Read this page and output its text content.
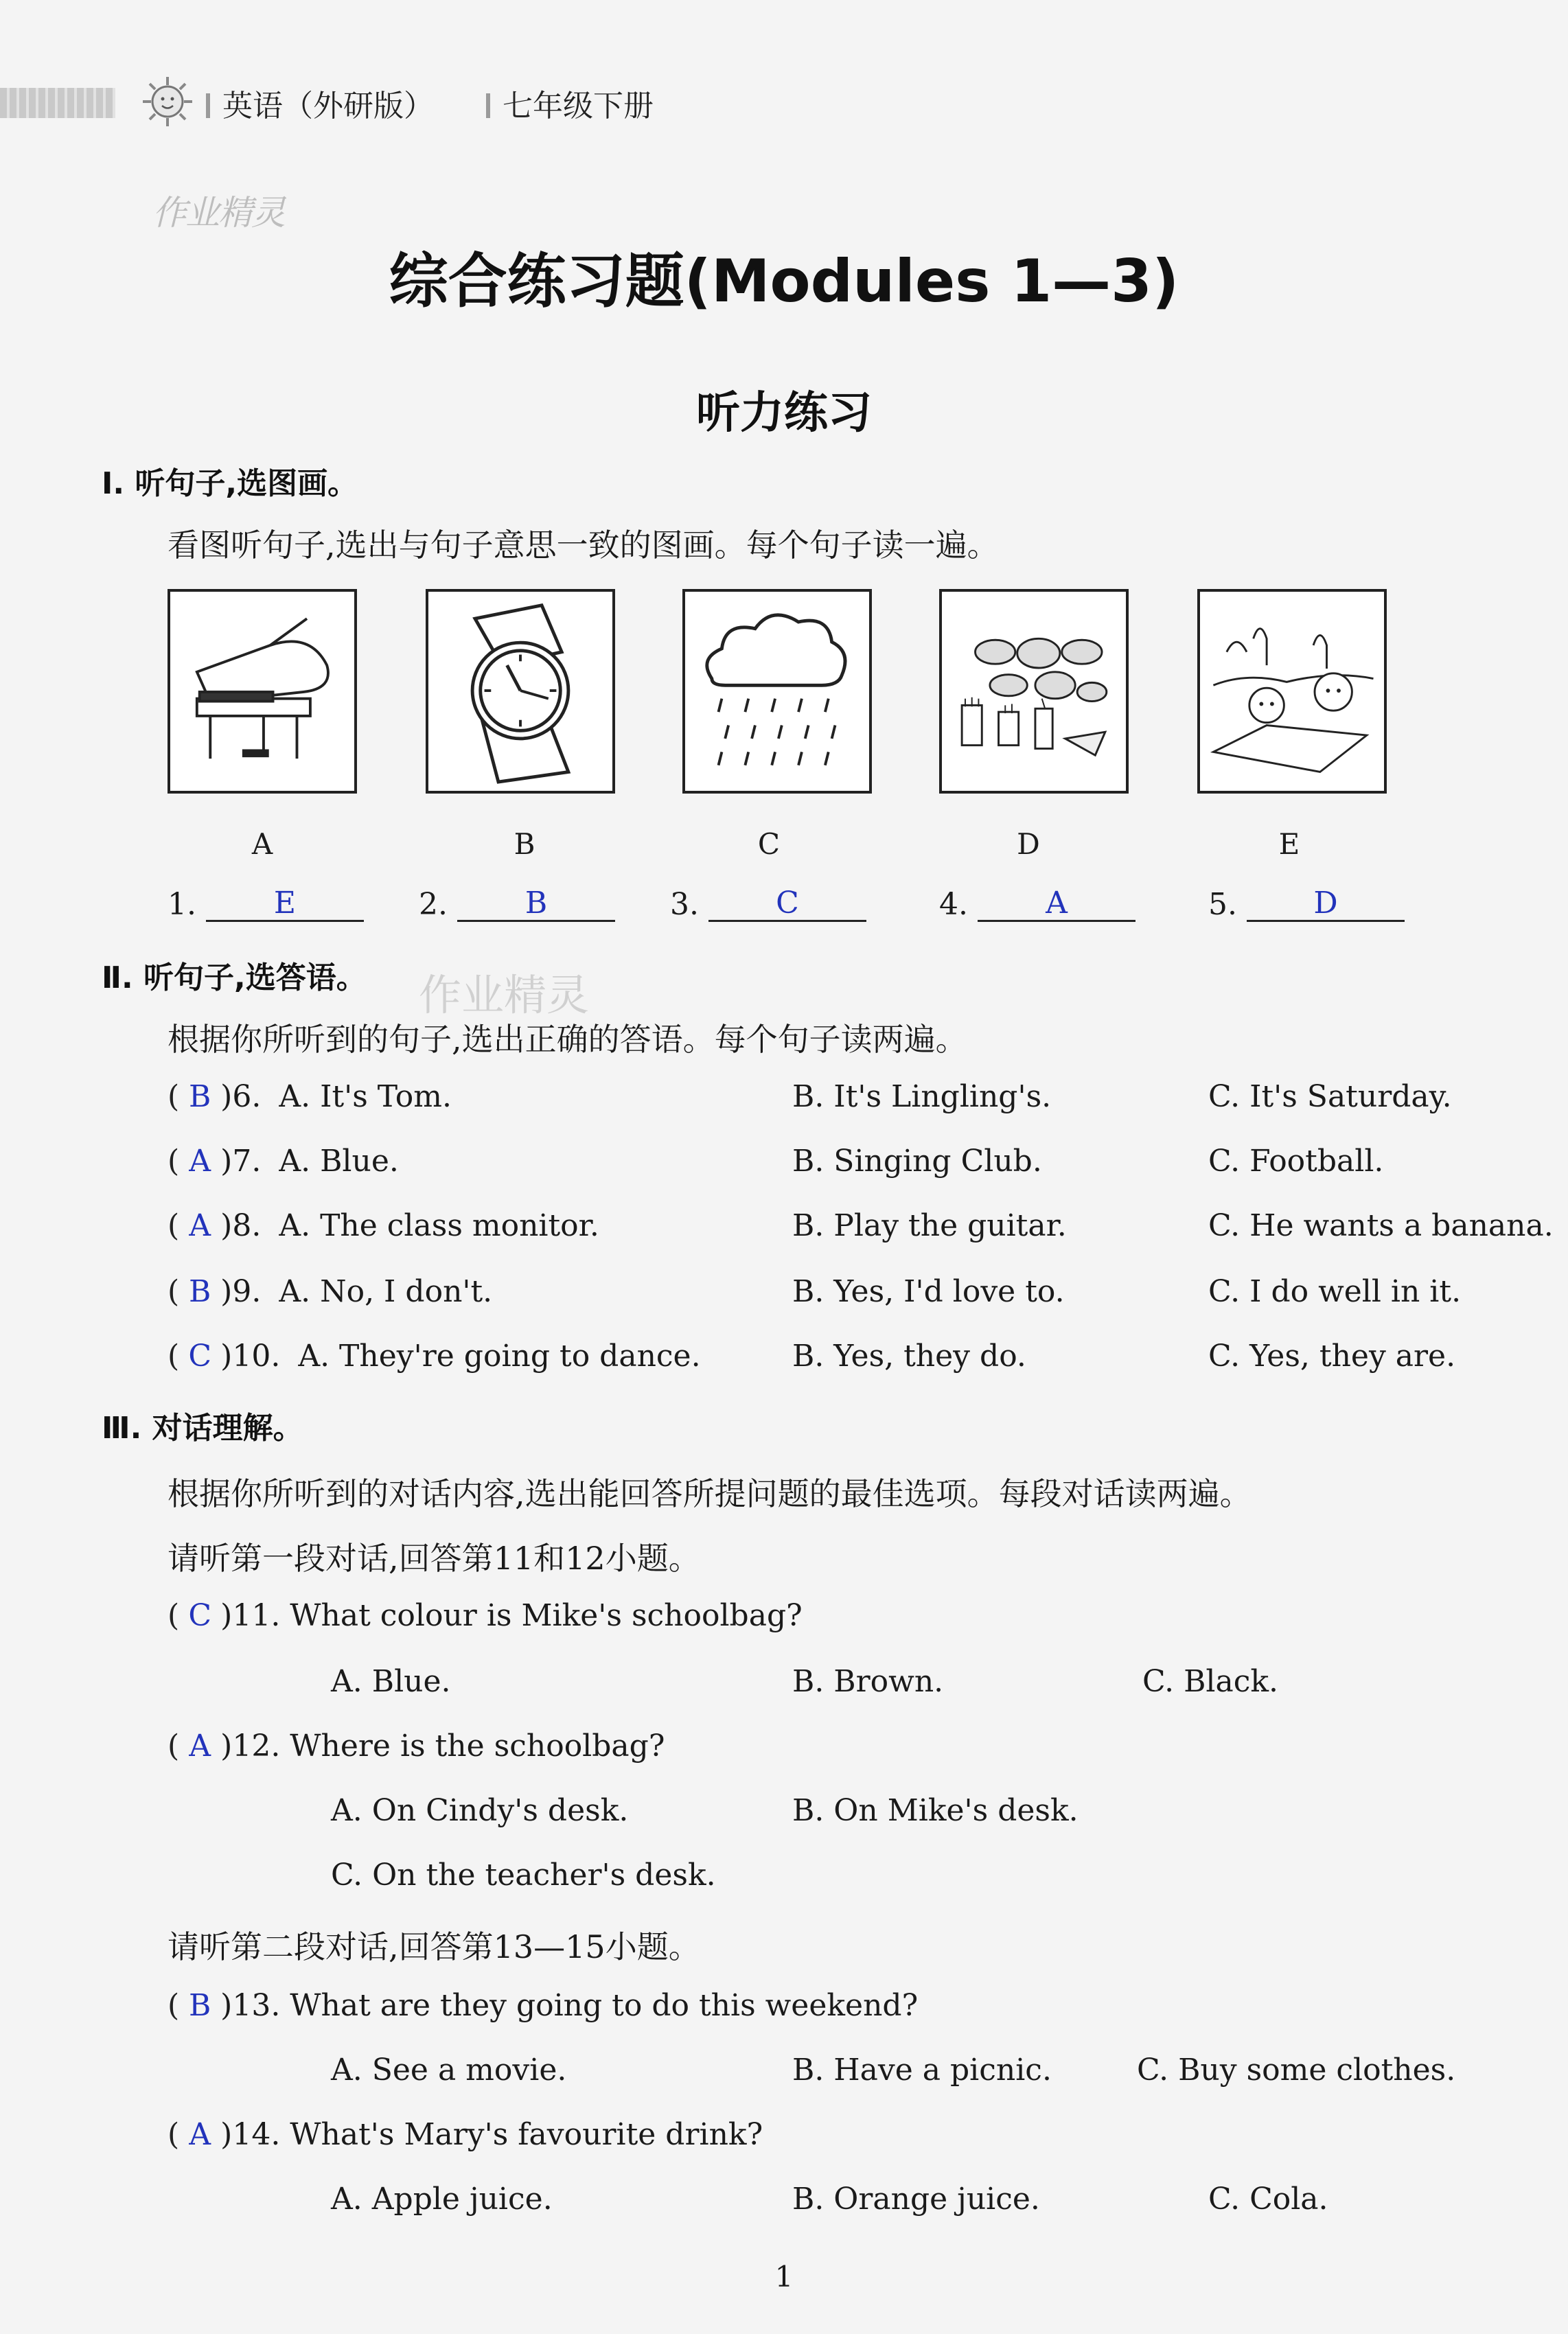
英语（外研版） 七年级下册
作业精灵
综合练习题(Modules 1—3)
听力练习
Ⅰ. 听句子,选图画。
看图听句子,选出与句子意思一致的图画。每个句子读一遍。
A	B	C	D	E
1.	E	2.	B	3.	C	4.	A	5.	D
Ⅱ. 听句子,选答语。 作业精灵
根据你所听到的句子,选出正确的答语。每个句子读两遍。
( B )6. A. It's Tom.	B. It's Lingling's.	C. It's Saturday.
( A )7. A. Blue.	B. Singing Club.	C. Football.
( A )8. A. The class monitor.	B. Play the guitar.	C. He wants a banana.
( B )9. A. No, I don't.	B. Yes, I'd love to.	C. I do well in it.
( C )10. A. They're going to dance.	B. Yes, they do.	C. Yes, they are.
Ⅲ. 对话理解。
根据你所听到的对话内容,选出能回答所提问题的最佳选项。每段对话读两遍。
请听第一段对话,回答第11和12小题。
( C )11. What colour is Mike's schoolbag?
A. Blue.	B. Brown.	C. Black.
( A )12. Where is the schoolbag?
A. On Cindy's desk.	B. On Mike's desk.
C. On the teacher's desk.
请听第二段对话,回答第13—15小题。
( B )13. What are they going to do this weekend?
A. See a movie.	B. Have a picnic.	C. Buy some clothes.
( A )14. What's Mary's favourite drink?
A. Apple juice.	B. Orange juice.	C. Cola.
1
